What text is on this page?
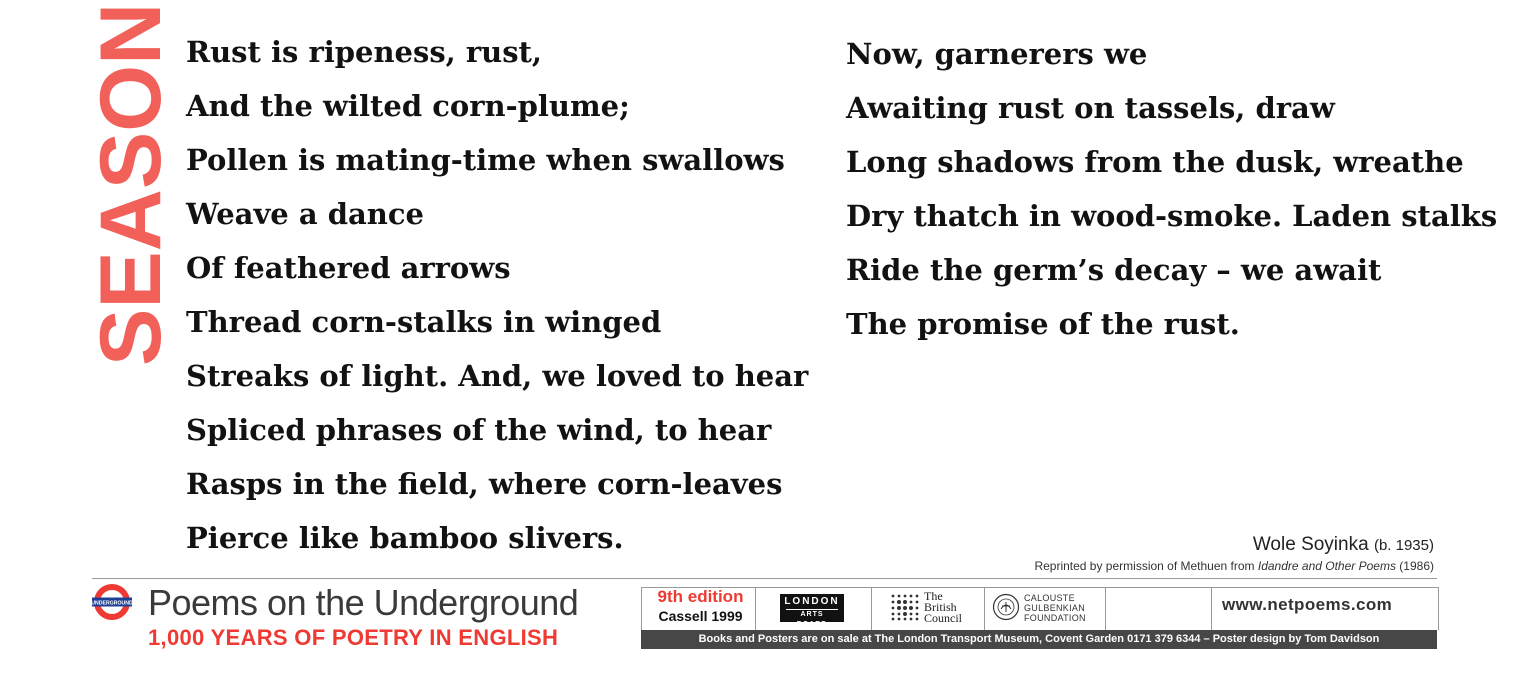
SEASON Rust is ripeness, rust,
And the wilted corn-plume;
Pollen is mating-time when swallows
Weave a dance
Of feathered arrows
Thread corn-stalks in winged
Streaks of light. And, we loved to hear
Spliced phrases of the wind, to hear
Rasps in the field, where corn-leaves
Pierce like bamboo slivers.
Now, garnerers we
Awaiting rust on tassels, draw
Long shadows from the dusk, wreathe
Dry thatch in wood-smoke. Laden stalks
Ride the germ’s decay – we await
The promise of the rust.
Wole Soyinka (b. 1935)
Reprinted by permission of Methuen from Idandre and Other Poems (1986)
UNDERGROUND Poems on the Underground
1,000 YEARS OF POETRY IN ENGLISH
9th edition
Cassell 1999
LONDON
ARTS BOARD
The
British
Council
CALOUSTE
GULBENKIAN
FOUNDATION
www.netpoems.com
Books and Posters are on sale at The London Transport Museum, Covent Garden 0171 379 6344 – Poster design by Tom Davidson
